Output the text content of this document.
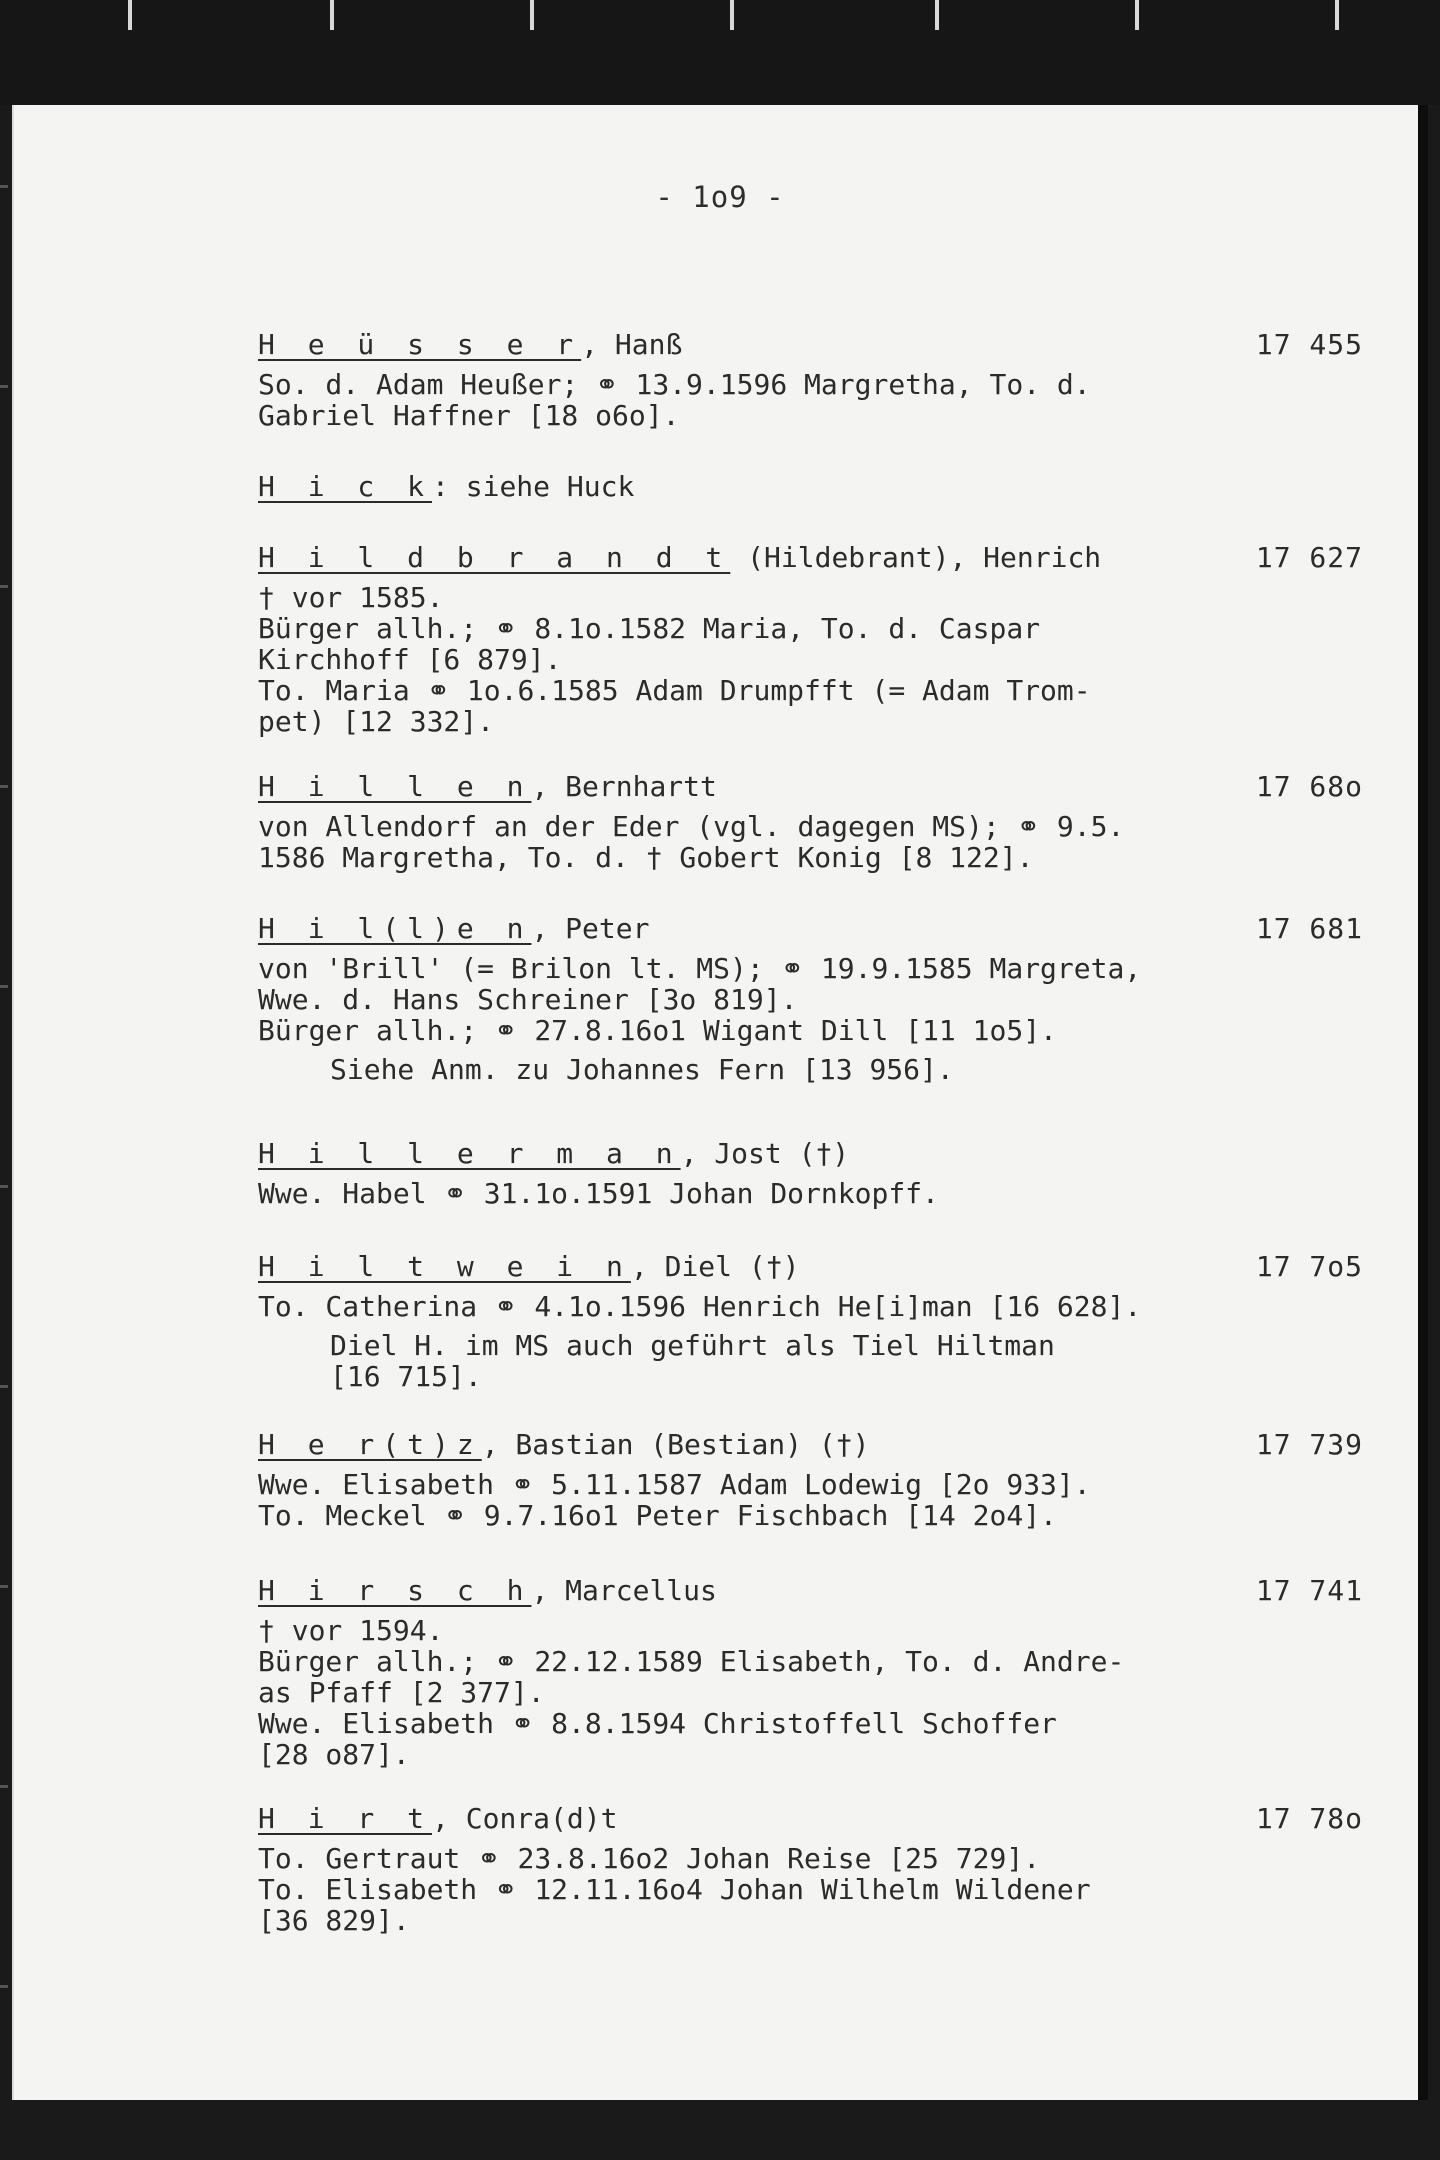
- 1o9 -
H e ü s s e r, Hanß	17 455
So. d. Adam Heußer; ⚭ 13.9.1596 Margretha, To. d.
Gabriel Haffner [18 o6o].
H i c k: siehe Huck
H i l d b r a n d t (Hildebrant), Henrich	17 627
† vor 1585.
Bürger allh.; ⚭ 8.1o.1582 Maria, To. d. Caspar
Kirchhoff [6 879].
To. Maria ⚭ 1o.6.1585 Adam Drumpfft (= Adam Trom-
pet) [12 332].
H i l l e n, Bernhartt	17 68o
von Allendorf an der Eder (vgl. dagegen MS); ⚭ 9.5.
1586 Margretha, To. d. † Gobert Konig [8 122].
H i l(l)e n, Peter	17 681
von 'Brill' (= Brilon lt. MS); ⚭ 19.9.1585 Margreta,
Wwe. d. Hans Schreiner [3o 819].
Bürger allh.; ⚭ 27.8.16o1 Wigant Dill [11 1o5].
Siehe Anm. zu Johannes Fern [13 956].
H i l l e r m a n, Jost (†)
Wwe. Habel ⚭ 31.1o.1591 Johan Dornkopff.
H i l t w e i n, Diel (†)	17 7o5
To. Catherina ⚭ 4.1o.1596 Henrich He[i]man [16 628].
Diel H. im MS auch geführt als Tiel Hiltman
[16 715].
H e r(t)z, Bastian (Bestian) (†)	17 739
Wwe. Elisabeth ⚭ 5.11.1587 Adam Lodewig [2o 933].
To. Meckel ⚭ 9.7.16o1 Peter Fischbach [14 2o4].
H i r s c h, Marcellus	17 741
† vor 1594.
Bürger allh.; ⚭ 22.12.1589 Elisabeth, To. d. Andre-
as Pfaff [2 377].
Wwe. Elisabeth ⚭ 8.8.1594 Christoffell Schoffer
[28 o87].
H i r t, Conra(d)t	17 78o
To. Gertraut ⚭ 23.8.16o2 Johan Reise [25 729].
To. Elisabeth ⚭ 12.11.16o4 Johan Wilhelm Wildener
[36 829].
